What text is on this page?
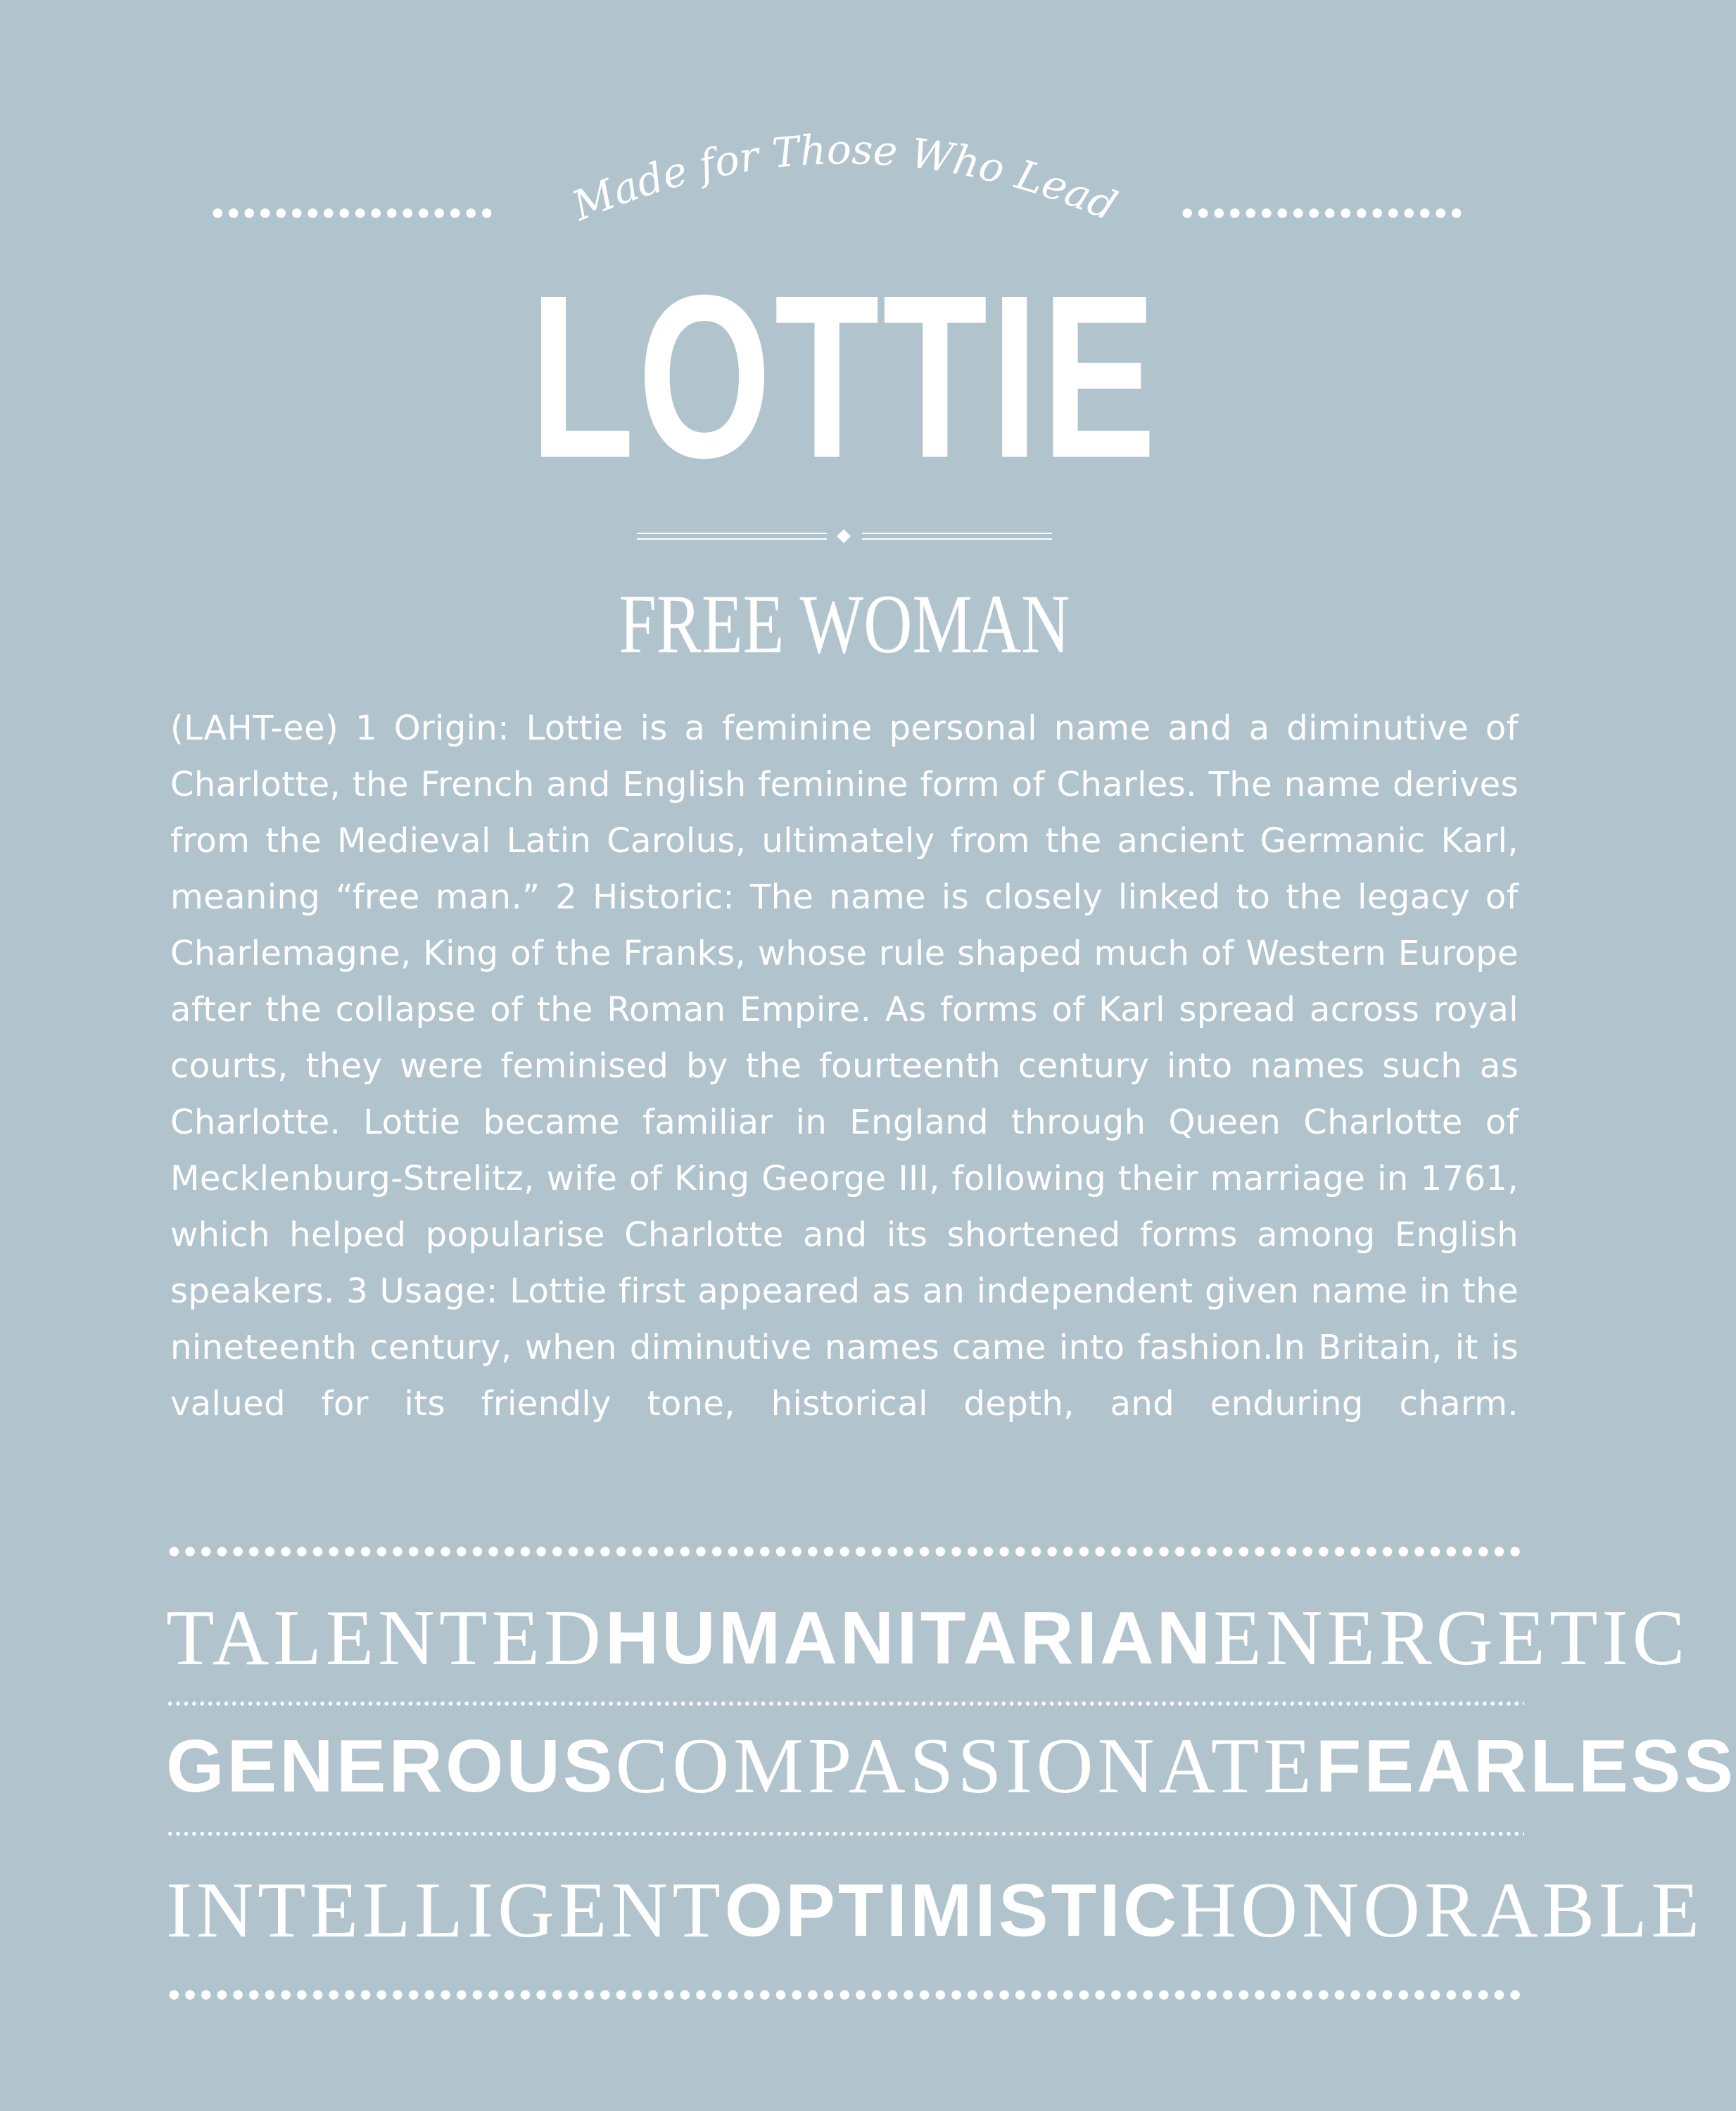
Made for Those Who Lead
LOTTIE
FREE WOMAN

(LAHT-ee) 1 Origin: Lottie is a feminine personal name and a diminutive of Charlotte, the French and English feminine form of Charles. The name derives from the Medieval Latin Carolus, ultimately from the ancient Germanic Karl, meaning “free man.” 2 Historic: The name is closely linked to the legacy of Charlemagne, King of the Franks, whose rule shaped much of Western Europe after the collapse of the Roman Empire. As forms of Karl spread across royal courts, they were feminised by the fourteenth century into names such as Charlotte. Lottie became familiar in England through Queen Charlotte of Mecklenburg-Strelitz, wife of King George III, following their marriage in 1761, which helped popularise Charlotte and its shortened forms among English speakers. 3 Usage: Lottie first appeared as an independent given name in the nineteenth century, when diminutive names came into fashion.In Britain, it is valued for its friendly tone, historical depth, and enduring charm.

TALENTED HUMANITARIAN ENERGETIC
GENEROUS COMPASSIONATE FEARLESS
INTELLIGENT OPTIMISTIC HONORABLE
